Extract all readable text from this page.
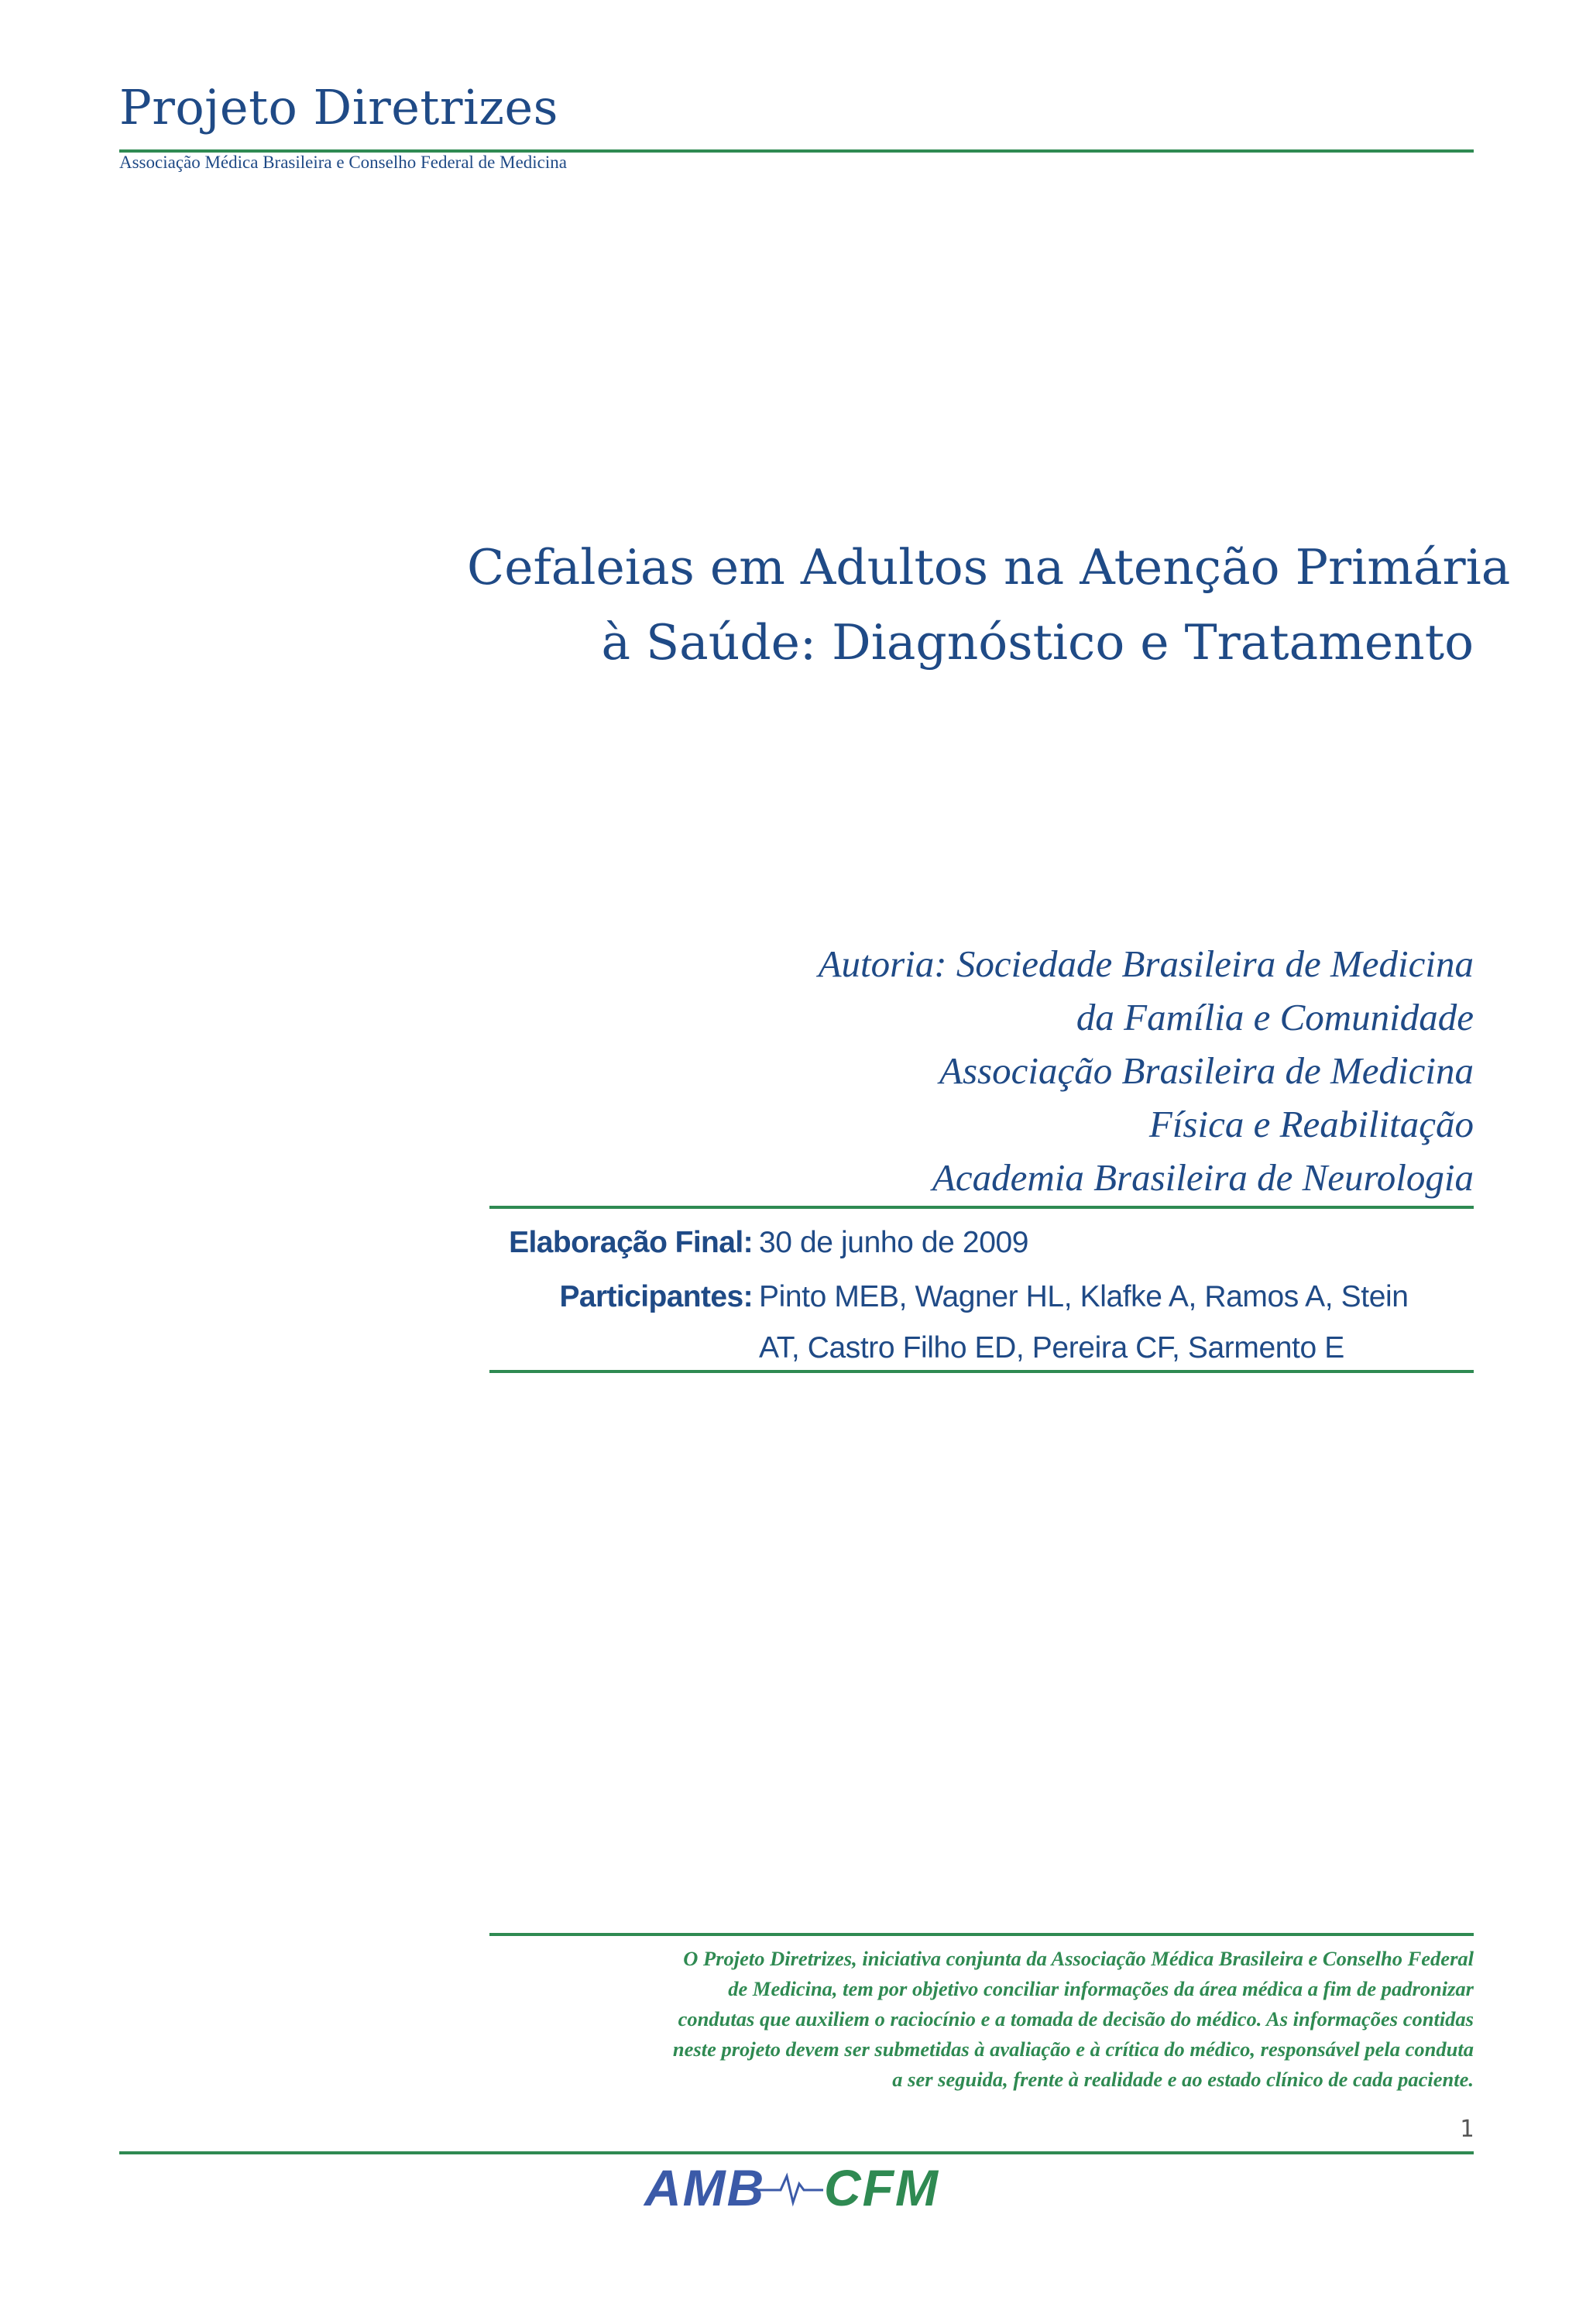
Projeto Diretrizes
Associação Médica Brasileira e Conselho Federal de Medicina
Cefaleias em Adultos na Atenção Primária
à Saúde: Diagnóstico e Tratamento
Autoria: Sociedade Brasileira de Medicina
da Família e Comunidade
Associação Brasileira de Medicina
Física e Reabilitação
Academia Brasileira de Neurologia
Elaboração Final: 30 de junho de 2009
Participantes: Pinto MEB, Wagner HL, Klafke A, Ramos A, Stein AT, Castro Filho ED, Pereira CF, Sarmento E
O Projeto Diretrizes, iniciativa conjunta da Associação Médica Brasileira e Conselho Federal
de Medicina, tem por objetivo conciliar informações da área médica a fim de padronizar
condutas que auxiliem o raciocínio e a tomada de decisão do médico. As informações contidas
neste projeto devem ser submetidas à avaliação e à crítica do médico, responsável pela conduta
a ser seguida, frente à realidade e ao estado clínico de cada paciente.
1
AMB CFM
